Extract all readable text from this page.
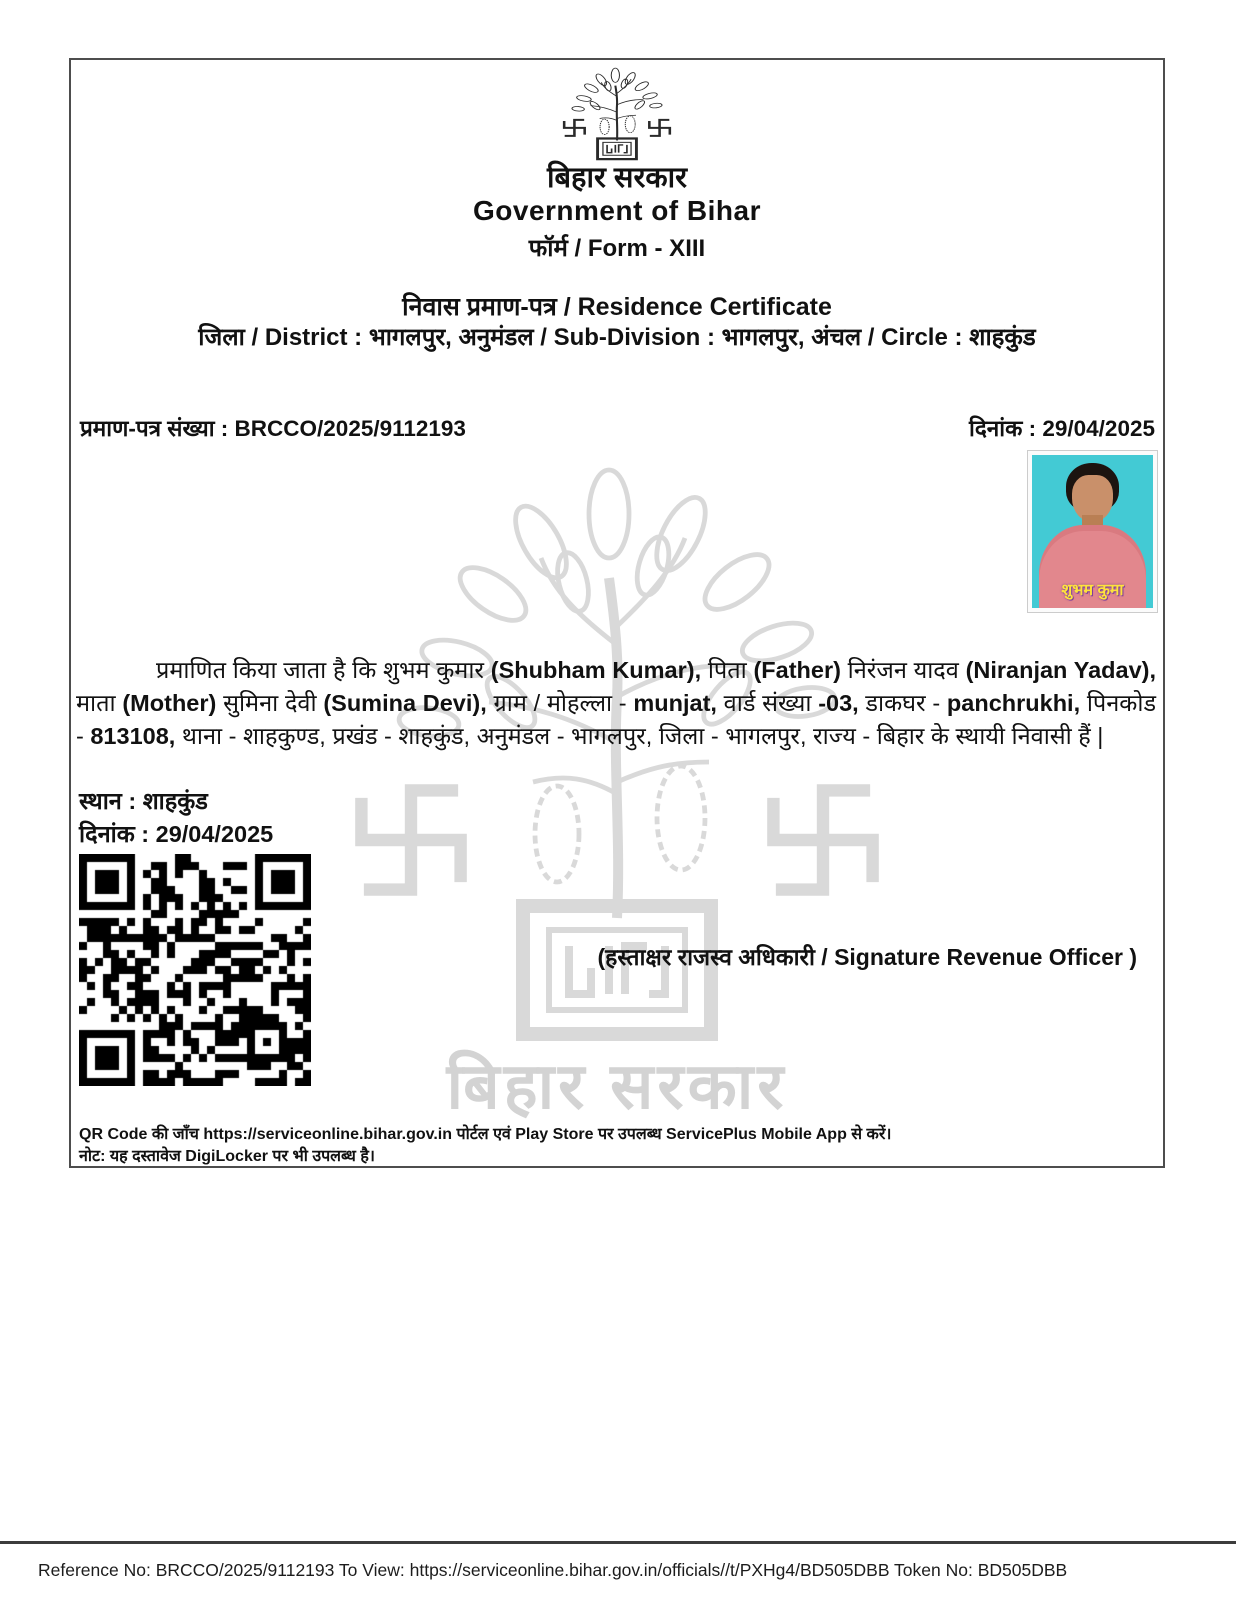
बिहार सरकार
बिहार सरकार
Government of Bihar
फॉर्म / Form - XIII
निवास प्रमाण-पत्र / Residence Certificate
जिला / District : भागलपुर, अनुमंडल / Sub-Division : भागलपुर, अंचल / Circle : शाहकुंड
प्रमाण-पत्र संख्या : BRCCO/2025/9112193	दिनांक : 29/04/2025
शुभम कुमा

प्रमाणित किया जाता है कि शुभम कुमार (Shubham Kumar), पिता (Father) निरंजन यादव (Niranjan Yadav), माता (Mother) सुमिना देवी (Sumina Devi), ग्राम / मोहल्ला - munjat, वार्ड संख्या -03, डाकघर - panchrukhi, पिनकोड - 813108, थाना - शाहकुण्ड, प्रखंड - शाहकुंड, अनुमंडल - भागलपुर, जिला - भागलपुर, राज्य - बिहार के स्थायी निवासी हैं |

स्थान : शाहकुंड
दिनांक : 29/04/2025
(हस्ताक्षर राजस्व अधिकारी / Signature Revenue Officer )
QR Code की जाँच https://serviceonline.bihar.gov.in पोर्टल एवं Play Store पर उपलब्ध ServicePlus Mobile App से करें।
नोट: यह दस्तावेज DigiLocker पर भी उपलब्ध है।
Reference No: BRCCO/2025/9112193 To View: https://serviceonline.bihar.gov.in/officials//t/PXHg4/BD505DBB Token No: BD505DBB
